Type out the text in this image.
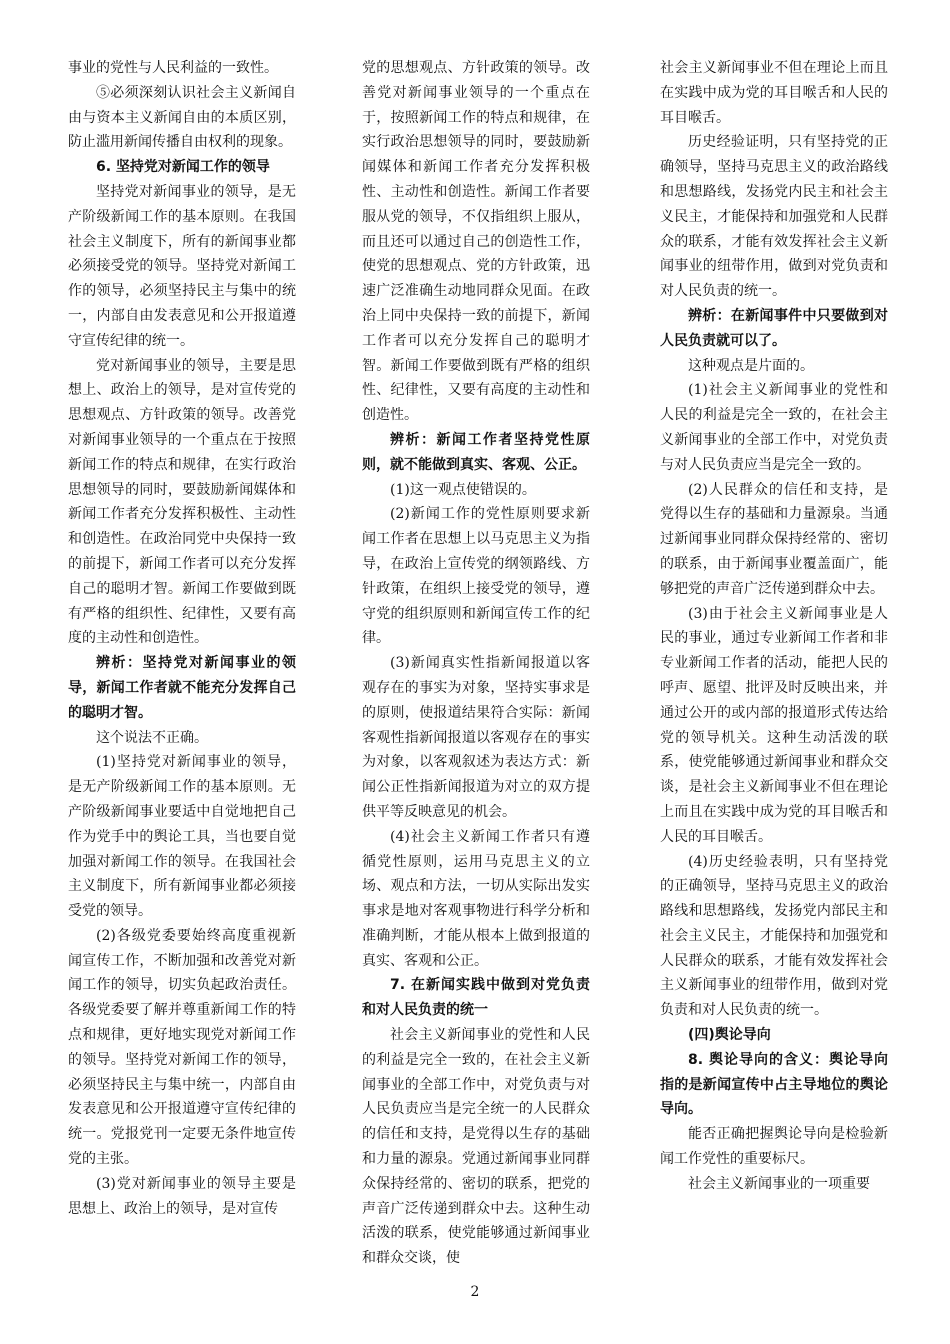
事业的党性与人民利益的一致性。

⑤必须深刻认识社会主义新闻自由与资本主义新闻自由的本质区别，防止滥用新闻传播自由权利的现象。

6. 坚持党对新闻工作的领导

坚持党对新闻事业的领导，是无产阶级新闻工作的基本原则。在我国社会主义制度下，所有的新闻事业都必须接受党的领导。坚持党对新闻工作的领导，必须坚持民主与集中的统一，内部自由发表意见和公开报道遵守宣传纪律的统一。

党对新闻事业的领导，主要是思想上、政治上的领导，是对宣传党的思想观点、方针政策的领导。改善党对新闻事业领导的一个重点在于按照新闻工作的特点和规律，在实行政治思想领导的同时，要鼓励新闻媒体和新闻工作者充分发挥积极性、主动性和创造性。在政治同党中央保持一致的前提下，新闻工作者可以充分发挥自己的聪明才智。新闻工作要做到既有严格的组织性、纪律性，又要有高度的主动性和创造性。

辨析：坚持党对新闻事业的领导，新闻工作者就不能充分发挥自己的聪明才智。

这个说法不正确。

(1)坚持党对新闻事业的领导，是无产阶级新闻工作的基本原则。无产阶级新闻事业要适中自觉地把自己作为党手中的舆论工具，当也要自觉加强对新闻工作的领导。在我国社会主义制度下，所有新闻事业都必须接受党的领导。

(2)各级党委要始终高度重视新闻宣传工作，不断加强和改善党对新闻工作的领导，切实负起政治责任。各级党委要了解并尊重新闻工作的特点和规律，更好地实现党对新闻工作的领导。坚持党对新闻工作的领导，必须坚持民主与集中统一，内部自由发表意见和公开报道遵守宣传纪律的统一。党报党刊一定要无条件地宣传党的主张。

(3)党对新闻事业的领导主要是思想上、政治上的领导，是对宣传

党的思想观点、方针政策的领导。改善党对新闻事业领导的一个重点在于，按照新闻工作的特点和规律，在实行政治思想领导的同时，要鼓励新闻媒体和新闻工作者充分发挥积极性、主动性和创造性。新闻工作者要服从党的领导，不仅指组织上服从，而且还可以通过自己的创造性工作，使党的思想观点、党的方针政策，迅速广泛准确生动地同群众见面。在政治上同中央保持一致的前提下，新闻工作者可以充分发挥自己的聪明才智。新闻工作要做到既有严格的组织性、纪律性，又要有高度的主动性和创造性。

辨析：新闻工作者坚持党性原则，就不能做到真实、客观、公正。

(1)这一观点使错误的。

(2)新闻工作的党性原则要求新闻工作者在思想上以马克思主义为指导，在政治上宣传党的纲领路线、方针政策，在组织上接受党的领导，遵守党的组织原则和新闻宣传工作的纪律。

(3)新闻真实性指新闻报道以客观存在的事实为对象，坚持实事求是的原则，使报道结果符合实际：新闻客观性指新闻报道以客观存在的事实为对象，以客观叙述为表达方式：新闻公正性指新闻报道为对立的双方提供平等反映意见的机会。

(4)社会主义新闻工作者只有遵循党性原则，运用马克思主义的立场、观点和方法，一切从实际出发实事求是地对客观事物进行科学分析和准确判断，才能从根本上做到报道的真实、客观和公正。

7. 在新闻实践中做到对党负责和对人民负责的统一

社会主义新闻事业的党性和人民的利益是完全一致的，在社会主义新闻事业的全部工作中，对党负责与对人民负责应当是完全统一的人民群众的信任和支持，是党得以生存的基础和力量的源泉。党通过新闻事业同群众保持经常的、密切的联系，把党的声音广泛传递到群众中去。这种生动活泼的联系，使党能够通过新闻事业和群众交谈，使

社会主义新闻事业不但在理论上而且在实践中成为党的耳目喉舌和人民的耳目喉舌。

历史经验证明，只有坚持党的正确领导，坚持马克思主义的政治路线和思想路线，发扬党内民主和社会主义民主，才能保持和加强党和人民群众的联系，才能有效发挥社会主义新闻事业的纽带作用，做到对党负责和对人民负责的统一。

辨析：在新闻事件中只要做到对人民负责就可以了。

这种观点是片面的。

(1)社会主义新闻事业的党性和人民的利益是完全一致的，在社会主义新闻事业的全部工作中，对党负责与对人民负责应当是完全一致的。

(2)人民群众的信任和支持，是党得以生存的基础和力量源泉。当通过新闻事业同群众保持经常的、密切的联系，由于新闻事业覆盖面广，能够把党的声音广泛传递到群众中去。

(3)由于社会主义新闻事业是人民的事业，通过专业新闻工作者和非专业新闻工作者的活动，能把人民的呼声、愿望、批评及时反映出来，并通过公开的或内部的报道形式传达给党的领导机关。这种生动活泼的联系，使党能够通过新闻事业和群众交谈，是社会主义新闻事业不但在理论上而且在实践中成为党的耳目喉舌和人民的耳目喉舌。

(4)历史经验表明，只有坚持党的正确领导，坚持马克思主义的政治路线和思想路线，发扬党内部民主和社会主义民主，才能保持和加强党和人民群众的联系，才能有效发挥社会主义新闻事业的纽带作用，做到对党负责和对人民负责的统一。

(四)舆论导向

8. 舆论导向的含义：舆论导向指的是新闻宣传中占主导地位的舆论导向。

能否正确把握舆论导向是检验新闻工作党性的重要标尺。

社会主义新闻事业的一项重要

2
